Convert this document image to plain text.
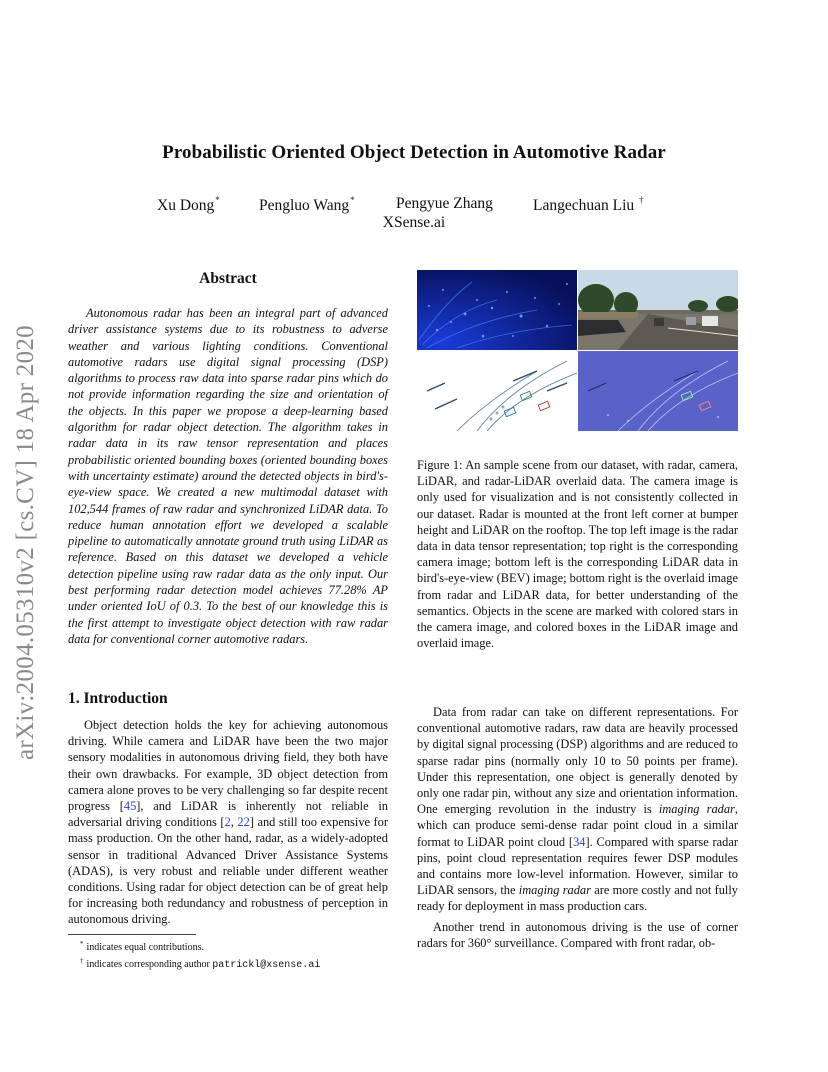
Probabilistic Oriented Object Detection in Automotive Radar
Xu Dong*	Pengluo Wang*	Pengyue Zhang	Langechuan Liu †
XSense.ai
arXiv:2004.05310v2 [cs.CV] 18 Apr 2020
Abstract

Autonomous radar has been an integral part of advanced driver assistance systems due to its robustness to adverse weather and various lighting conditions. Conventional automotive radars use digital signal processing (DSP) algorithms to process raw data into sparse radar pins which do not provide information regarding the size and orientation of the objects. In this paper we propose a deep-learning based algorithm for radar object detection. The algorithm takes in radar data in its raw tensor representation and places probabilistic oriented bounding boxes (oriented bounding boxes with uncertainty estimate) around the detected objects in bird's-eye-view space. We created a new multimodal dataset with 102,544 frames of raw radar and synchronized LiDAR data. To reduce human annotation effort we developed a scalable pipeline to automatically annotate ground truth using LiDAR as reference. Based on this dataset we developed a vehicle detection pipeline using raw radar data as the only input. Our best performing radar detection model achieves 77.28% AP under oriented IoU of 0.3. To the best of our knowledge this is the first attempt to investigate object detection with raw radar data for conventional corner automotive radars.

1. Introduction

Object detection holds the key for achieving autonomous driving. While camera and LiDAR have been the two major sensory modalities in autonomous driving field, they both have their own drawbacks. For example, 3D object detection from camera alone proves to be very challenging so far despite recent progress [45], and LiDAR is inherently not reliable in adversarial driving conditions [2, 22] and still too expensive for mass production. On the other hand, radar, as a widely-adopted sensor in traditional Advanced Driver Assistance Systems (ADAS), is very robust and reliable under different weather conditions. Using radar for object detection can be of great help for increasing both redundancy and robustness of perception in autonomous driving.

* indicates equal contributions.
† indicates corresponding author patrickl@xsense.ai
Figure 1: An sample scene from our dataset, with radar, camera, LiDAR, and radar-LiDAR overlaid data. The camera image is only used for visualization and is not consistently collected in our dataset. Radar is mounted at the front left corner at bumper height and LiDAR on the rooftop. The top left image is the radar data in data tensor representation; top right is the corresponding camera image; bottom left is the corresponding LiDAR data in bird's-eye-view (BEV) image; bottom right is the overlaid image from radar and LiDAR data, for better understanding of the semantics. Objects in the scene are marked with colored stars in the camera image, and colored boxes in the LiDAR image and overlaid image.

Data from radar can take on different representations. For conventional automotive radars, raw data are heavily processed by digital signal processing (DSP) algorithms and are reduced to sparse radar pins (normally only 10 to 50 points per frame). Under this representation, one object is generally denoted by only one radar pin, without any size and orientation information. One emerging revolution in the industry is imaging radar, which can produce semi-dense radar point cloud in a similar format to LiDAR point cloud [34]. Compared with sparse radar pins, point cloud representation requires fewer DSP modules and contains more low-level information. However, similar to LiDAR sensors, the imaging radar are more costly and not fully ready for deployment in mass production cars.

Another trend in autonomous driving is the use of corner radars for 360° surveillance. Compared with front radar, ob-
